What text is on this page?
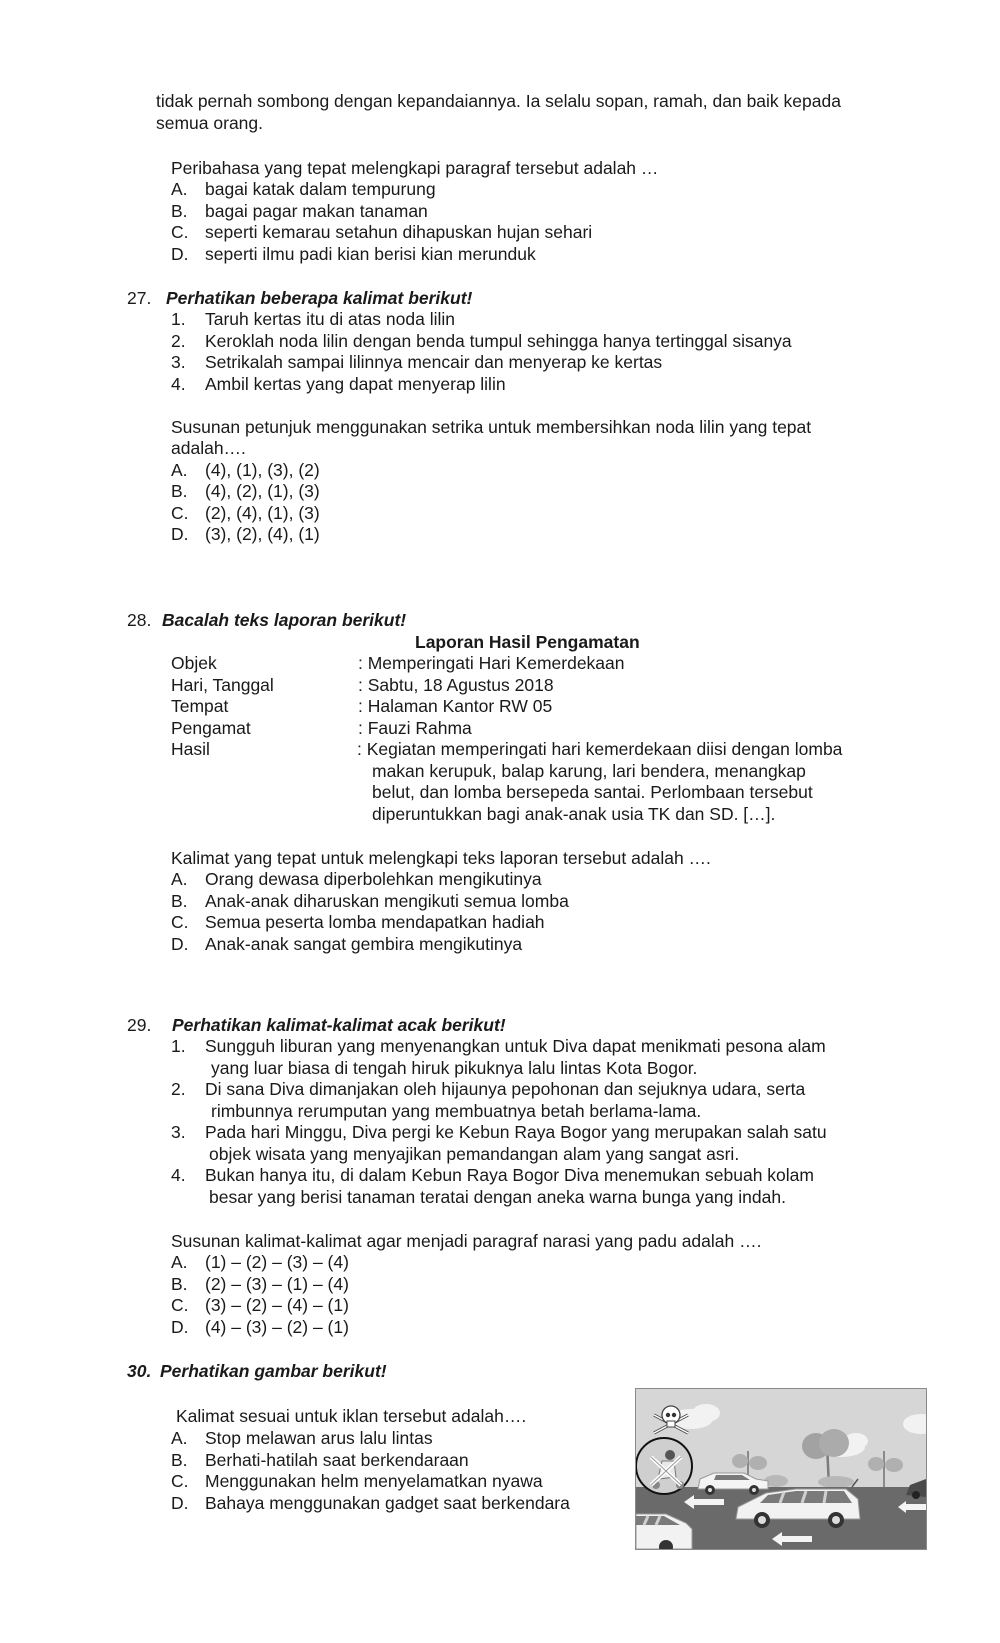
tidak pernah sombong dengan kepandaiannya. Ia selalu sopan, ramah, dan baik kepada
semua orang.
Peribahasa yang tepat melengkapi paragraf tersebut adalah …
A. bagai katak dalam tempurung
B. bagai pagar makan tanaman
C. seperti kemarau setahun dihapuskan hujan sehari
D. seperti ilmu padi kian berisi kian merunduk
27. Perhatikan beberapa kalimat berikut!
1. Taruh kertas itu di atas noda lilin
2. Keroklah noda lilin dengan benda tumpul sehingga hanya tertinggal sisanya
3. Setrikalah sampai lilinnya mencair dan menyerap ke kertas
4. Ambil kertas yang dapat menyerap lilin
Susunan petunjuk menggunakan setrika untuk membersihkan noda lilin yang tepat
adalah….
A. (4), (1), (3), (2)
B. (4), (2), (1), (3)
C. (2), (4), (1), (3)
D. (3), (2), (4), (1)
28. Bacalah teks laporan berikut!
Laporan Hasil Pengamatan
Objek	: Memperingati Hari Kemerdekaan
Hari, Tanggal	: Sabtu, 18 Agustus 2018
Tempat	: Halaman Kantor RW 05
Pengamat	: Fauzi Rahma
Hasil	: Kegiatan memperingati hari kemerdekaan diisi dengan lomba
makan kerupuk, balap karung, lari bendera, menangkap
belut, dan lomba bersepeda santai. Perlombaan tersebut
diperuntukkan bagi anak-anak usia TK dan SD. […].
Kalimat yang tepat untuk melengkapi teks laporan tersebut adalah ….
A. Orang dewasa diperbolehkan mengikutinya
B. Anak-anak diharuskan mengikuti semua lomba
C. Semua peserta lomba mendapatkan hadiah
D. Anak-anak sangat gembira mengikutinya
29. Perhatikan kalimat-kalimat acak berikut!
1. Sungguh liburan yang menyenangkan untuk Diva dapat menikmati pesona alam
yang luar biasa di tengah hiruk pikuknya lalu lintas Kota Bogor.
2. Di sana Diva dimanjakan oleh hijaunya pepohonan dan sejuknya udara, serta
rimbunnya rerumputan yang membuatnya betah berlama-lama.
3. Pada hari Minggu, Diva pergi ke Kebun Raya Bogor yang merupakan salah satu
objek wisata yang menyajikan pemandangan alam yang sangat asri.
4. Bukan hanya itu, di dalam Kebun Raya Bogor Diva menemukan sebuah kolam
besar yang berisi tanaman teratai dengan aneka warna bunga yang indah.
Susunan kalimat-kalimat agar menjadi paragraf narasi yang padu adalah ….
A. (1) – (2) – (3) – (4)
B. (2) – (3) – (1) – (4)
C. (3) – (2) – (4) – (1)
D. (4) – (3) – (2) – (1)
30. Perhatikan gambar berikut!
Kalimat sesuai untuk iklan tersebut adalah….
A. Stop melawan arus lalu lintas
B. Berhati-hatilah saat berkendaraan
C. Menggunakan helm menyelamatkan nyawa
D. Bahaya menggunakan gadget saat berkendara
